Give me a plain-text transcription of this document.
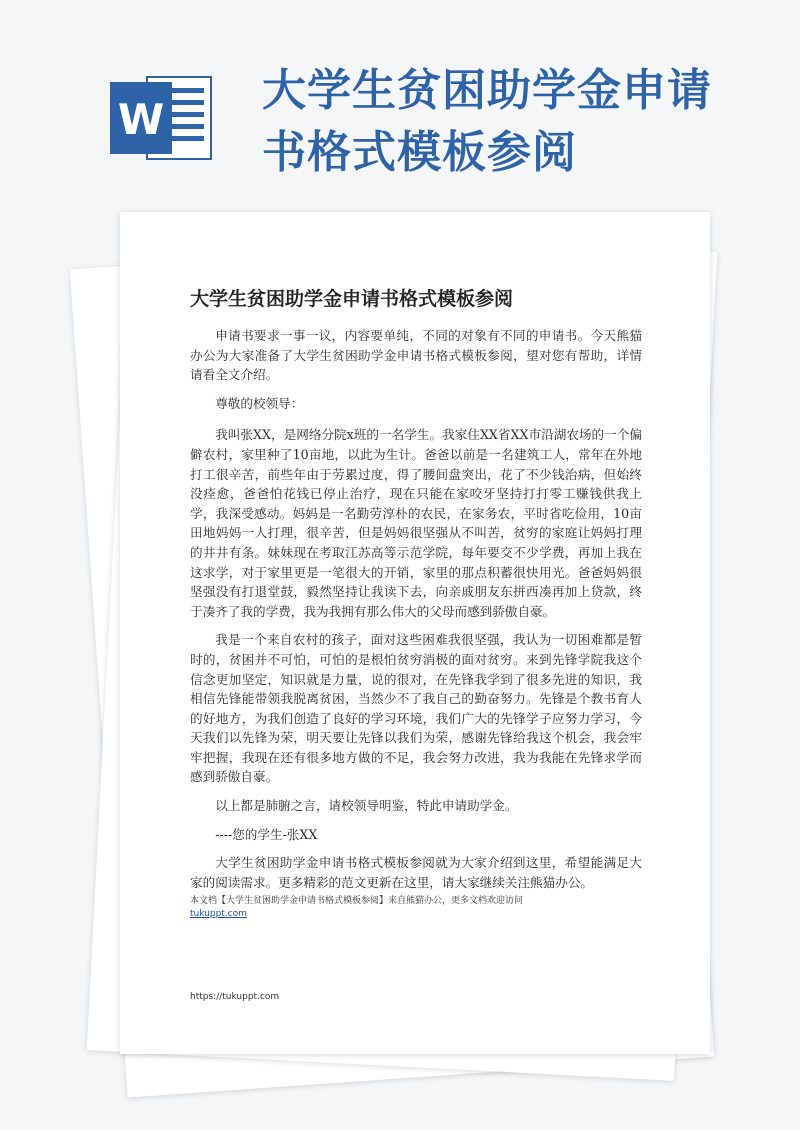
W
大学生贫困助学金申请书格式模板参阅
大学生贫困助学金申请书格式模板参阅

申请书要求一事一议，内容要单纯，不同的对象有不同的申请书。今天熊猫办公为大家准备了大学生贫困助学金申请书格式模板参阅，望对您有帮助，详情请看全文介绍。

尊敬的校领导：

我叫张XX，是网络分院x班的一名学生。我家住XX省XX市沿湖农场的一个偏僻农村，家里种了10亩地，以此为生计。爸爸以前是一名建筑工人，常年在外地打工很辛苦，前些年由于劳累过度，得了腰间盘突出，花了不少钱治病，但始终没痊愈，爸爸怕花钱已停止治疗，现在只能在家咬牙坚持打打零工赚钱供我上学，我深受感动。妈妈是一名勤劳淳朴的农民，在家务农，平时省吃俭用，10亩田地妈妈一人打理，很辛苦，但是妈妈很坚强从不叫苦，贫穷的家庭让妈妈打理的井井有条。妹妹现在考取江苏高等示范学院，每年要交不少学费，再加上我在这求学，对于家里更是一笔很大的开销，家里的那点积蓄很快用光。爸爸妈妈很坚强没有打退堂鼓，毅然坚持让我读下去，向亲戚朋友东拼西凑再加上贷款，终于凑齐了我的学费，我为我拥有那么伟大的父母而感到骄傲自豪。

我是一个来自农村的孩子，面对这些困难我很坚强，我认为一切困难都是暂时的，贫困并不可怕，可怕的是根怕贫穷消极的面对贫穷。来到先锋学院我这个信念更加坚定，知识就是力量，说的很对，在先锋我学到了很多先进的知识，我相信先锋能带领我脱离贫困，当然少不了我自己的勤奋努力。先锋是个教书育人的好地方，为我们创造了良好的学习环境，我们广大的先锋学子应努力学习，今天我们以先锋为荣，明天要让先锋以我们为荣，感谢先锋给我这个机会，我会牢牢把握，我现在还有很多地方做的不足，我会努力改进，我为我能在先锋求学而感到骄傲自豪。

以上都是肺腑之言，请校领导明鉴，特此申请助学金。

----您的学生-张XX

大学生贫困助学金申请书格式模板参阅就为大家介绍到这里，希望能满足大家的阅读需求。更多精彩的范文更新在这里，请大家继续关注熊猫办公。

本文档【大学生贫困助学金申请书格式模板参阅】来自熊猫办公，更多文档欢迎访问
tukuppt.com
https://tukuppt.com
